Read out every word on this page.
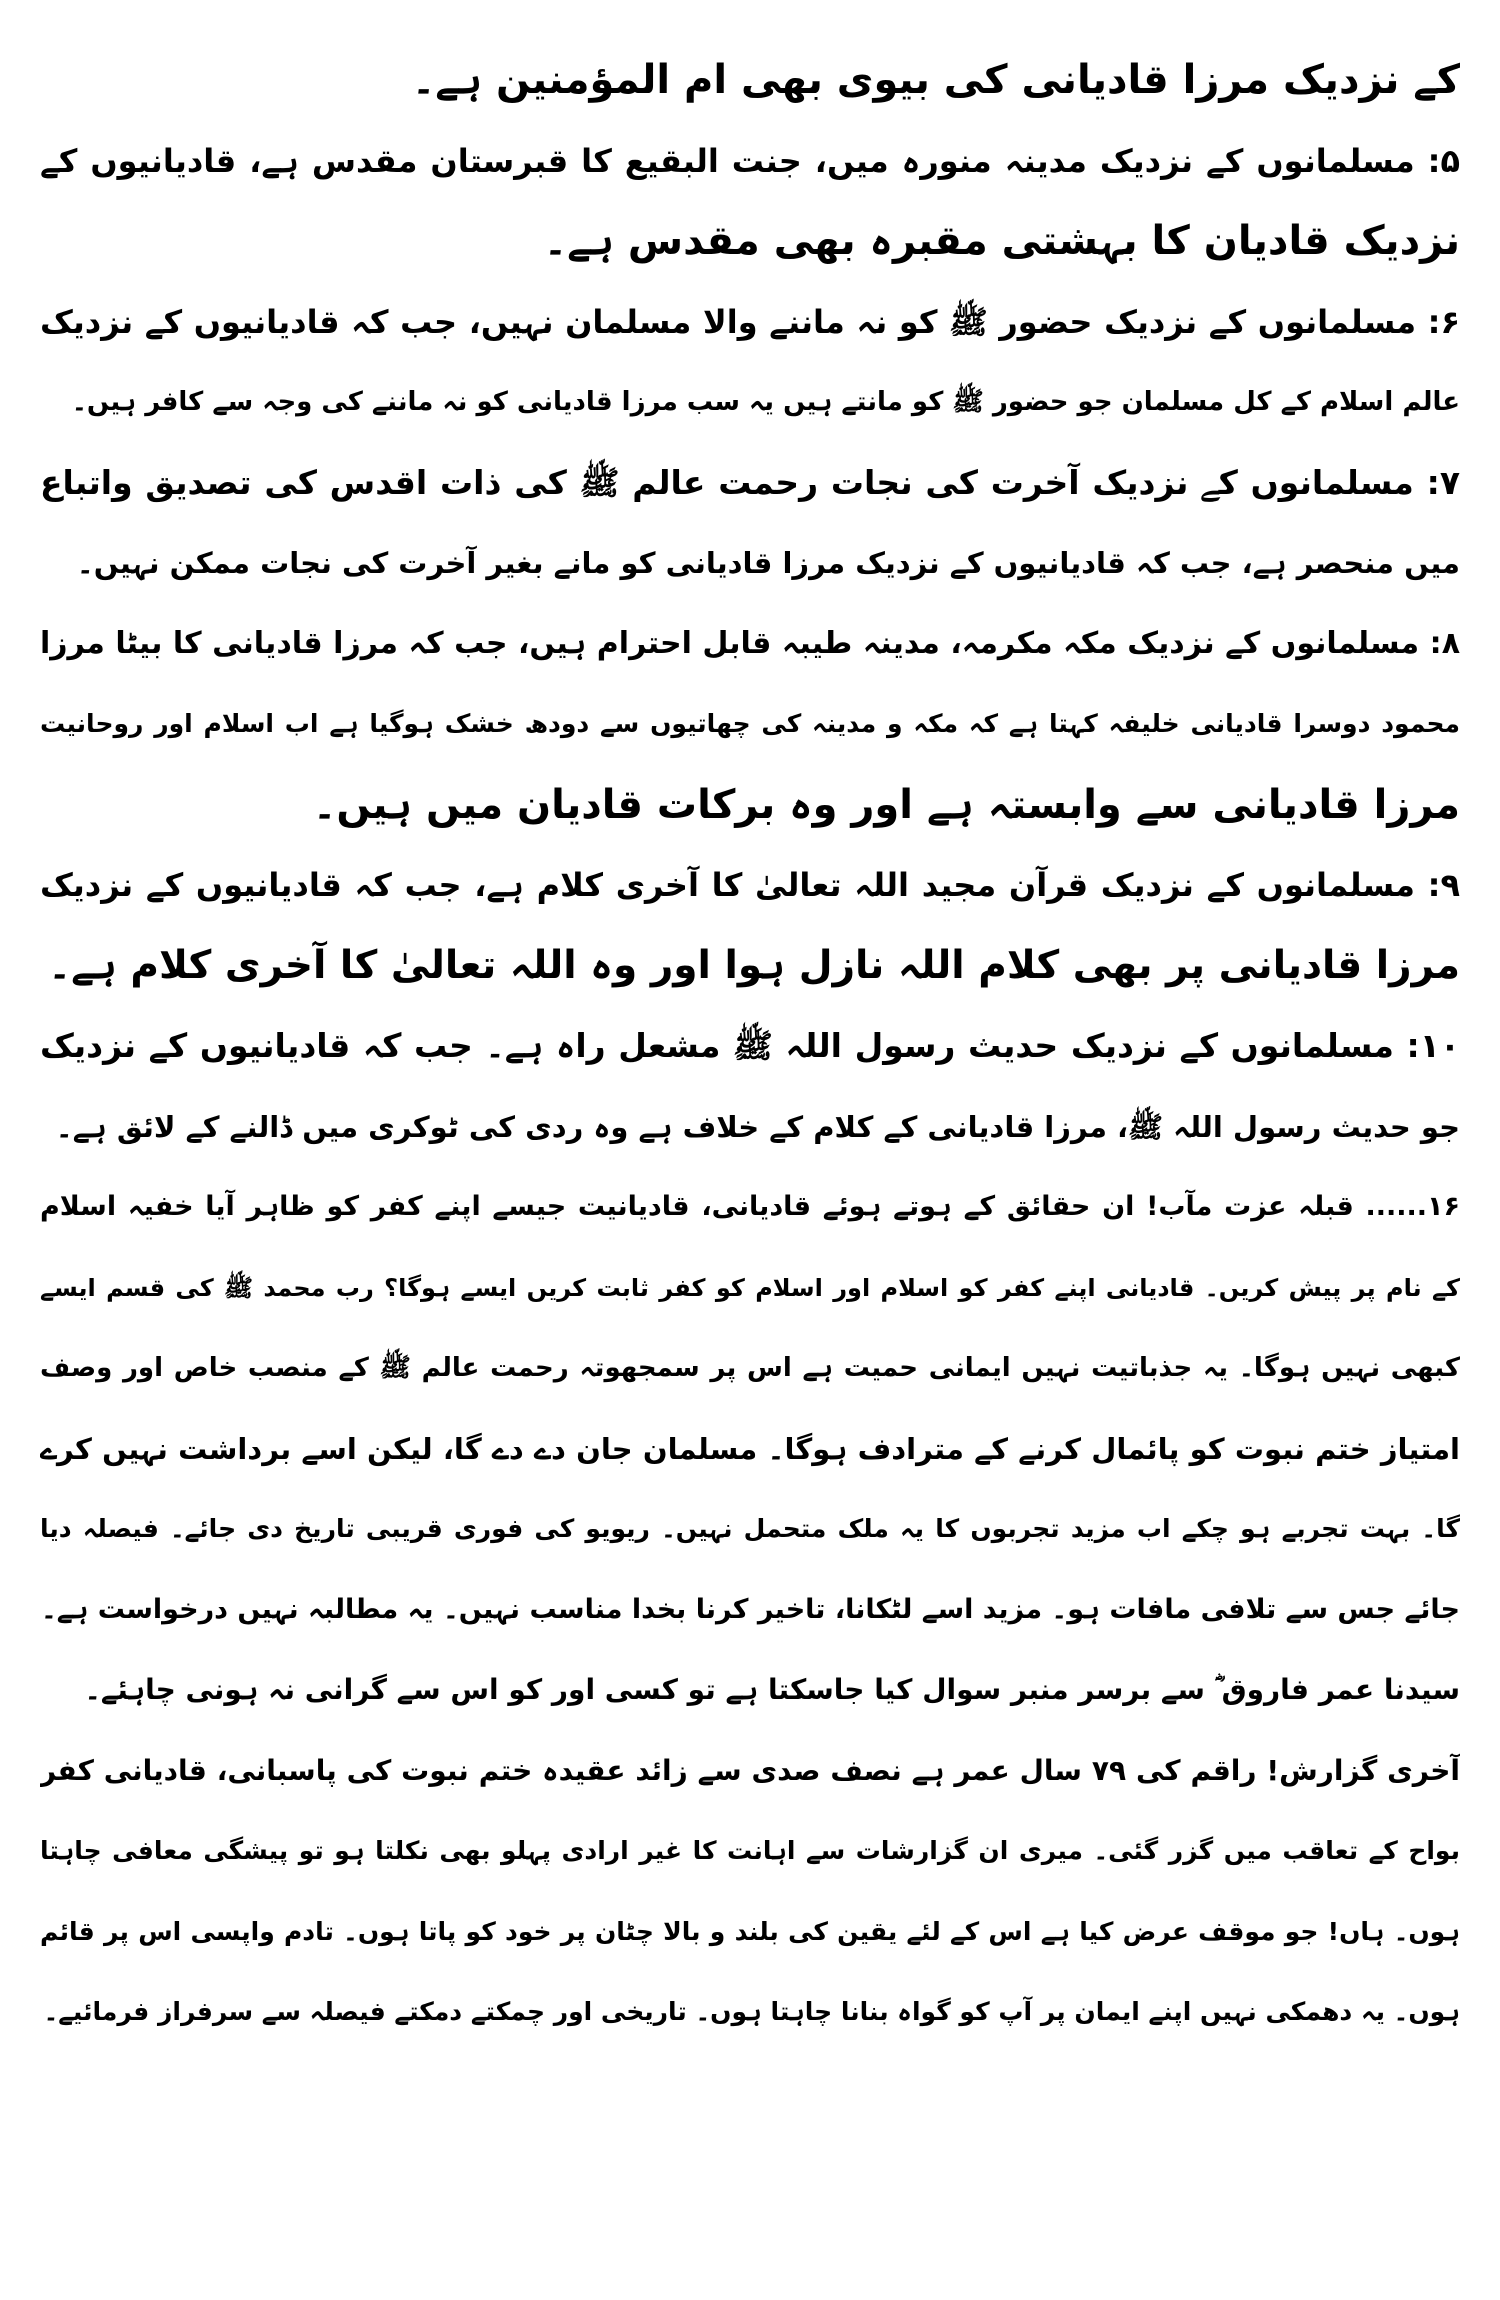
کے نزدیک مرزا قادیانی کی بیوی بھی ام المؤمنین ہے۔
۵: مسلمانوں کے نزدیک مدینہ منورہ میں، جنت البقیع کا قبرستان مقدس ہے، قادیانیوں کے
نزدیک قادیان کا بہشتی مقبرہ بھی مقدس ہے۔
۶: مسلمانوں کے نزدیک حضور ﷺ کو نہ ماننے والا مسلمان نہیں، جب کہ قادیانیوں کے نزدیک
عالم اسلام کے کل مسلمان جو حضور ﷺ کو مانتے ہیں یہ سب مرزا قادیانی کو نہ ماننے کی وجہ سے کافر ہیں۔
۷: مسلمانوں کے نزدیک آخرت کی نجات رحمت عالم ﷺ کی ذات اقدس کی تصدیق واتباع
میں منحصر ہے، جب کہ قادیانیوں کے نزدیک مرزا قادیانی کو مانے بغیر آخرت کی نجات ممکن نہیں۔
۸: مسلمانوں کے نزدیک مکہ مکرمہ، مدینہ طیبہ قابل احترام ہیں، جب کہ مرزا قادیانی کا بیٹا مرزا
محمود دوسرا قادیانی خلیفہ کہتا ہے کہ مکہ و مدینہ کی چھاتیوں سے دودھ خشک ہوگیا ہے اب اسلام اور روحانیت
مرزا قادیانی سے وابستہ ہے اور وہ برکات قادیان میں ہیں۔
۹: مسلمانوں کے نزدیک قرآن مجید اللہ تعالیٰ کا آخری کلام ہے، جب کہ قادیانیوں کے نزدیک
مرزا قادیانی پر بھی کلام اللہ نازل ہوا اور وہ اللہ تعالیٰ کا آخری کلام ہے۔
۱۰: مسلمانوں کے نزدیک حدیث رسول اللہ ﷺ مشعل راہ ہے۔ جب کہ قادیانیوں کے نزدیک
جو حدیث رسول اللہ ﷺ، مرزا قادیانی کے کلام کے خلاف ہے وہ ردی کی ٹوکری میں ڈالنے کے لائق ہے۔
۱۶...... قبلہ عزت مآب! ان حقائق کے ہوتے ہوئے قادیانی، قادیانیت جیسے اپنے کفر کو ظاہر آیا خفیہ اسلام
کے نام پر پیش کریں۔ قادیانی اپنے کفر کو اسلام اور اسلام کو کفر ثابت کریں ایسے ہوگا؟ رب محمد ﷺ کی قسم ایسے
کبھی نہیں ہوگا۔ یہ جذباتیت نہیں ایمانی حمیت ہے اس پر سمجھوتہ رحمت عالم ﷺ کے منصب خاص اور وصف
امتیاز ختم نبوت کو پائمال کرنے کے مترادف ہوگا۔ مسلمان جان دے دے گا، لیکن اسے برداشت نہیں کرے
گا۔ بہت تجربے ہو چکے اب مزید تجربوں کا یہ ملک متحمل نہیں۔ ریویو کی فوری قریبی تاریخ دی جائے۔ فیصلہ دیا
جائے جس سے تلافی مافات ہو۔ مزید اسے لٹکانا، تاخیر کرنا بخدا مناسب نہیں۔ یہ مطالبہ نہیں درخواست ہے۔
سیدنا عمر فاروق ؓ سے برسر منبر سوال کیا جاسکتا ہے تو کسی اور کو اس سے گرانی نہ ہونی چاہئے۔
آخری گزارش! راقم کی ۷۹ سال عمر ہے نصف صدی سے زائد عقیدہ ختم نبوت کی پاسبانی، قادیانی کفر
بواح کے تعاقب میں گزر گئی۔ میری ان گزارشات سے اہانت کا غیر ارادی پہلو بھی نکلتا ہو تو پیشگی معافی چاہتا
ہوں۔ ہاں! جو موقف عرض کیا ہے اس کے لئے یقین کی بلند و بالا چٹان پر خود کو پاتا ہوں۔ تادم واپسی اس پر قائم
ہوں۔ یہ دھمکی نہیں اپنے ایمان پر آپ کو گواہ بنانا چاہتا ہوں۔ تاریخی اور چمکتے دمکتے فیصلہ سے سرفراز فرمائیے۔
